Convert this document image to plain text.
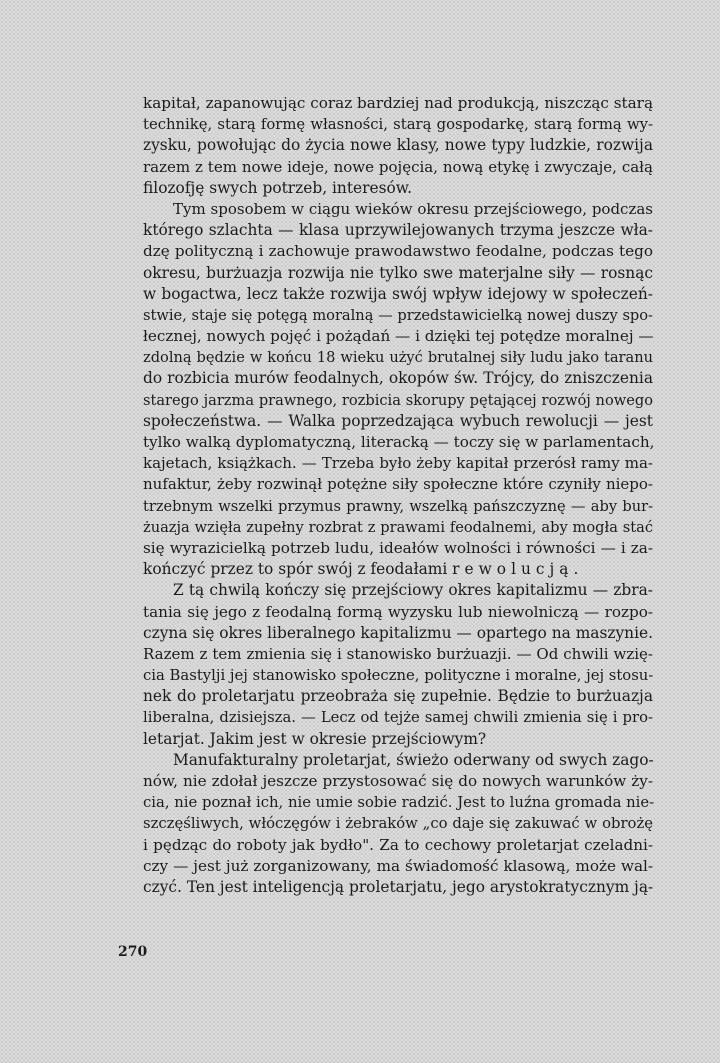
kapitał, zapanowując coraz bardziej nad produkcją, niszcząc starą
technikę, starą formę własności, starą gospodarkę, starą formą wy-
zysku, powołując do życia nowe klasy, nowe typy ludzkie, rozwija
razem z tem nowe ideje, nowe pojęcia, nową etykę i zwyczaje, całą
filozofję swych potrzeb, interesów.
Tym sposobem w ciągu wieków okresu przejściowego, podczas
którego szlachta — klasa uprzywilejowanych trzyma jeszcze wła-
dzę polityczną i zachowuje prawodawstwo feodalne, podczas tego
okresu, burżuazja rozwija nie tylko swe materjalne siły — rosnąc
w bogactwa, lecz także rozwija swój wpływ idejowy w społeczeń-
stwie, staje się potęgą moralną — przedstawicielką nowej duszy spo-
łecznej, nowych pojęć i pożądań — i dzięki tej potędze moralnej —
zdolną będzie w końcu 18 wieku użyć brutalnej siły ludu jako taranu
do rozbicia murów feodalnych, okopów św. Trójcy, do zniszczenia
starego jarzma prawnego, rozbicia skorupy pętającej rozwój nowego
społeczeństwa. — Walka poprzedzająca wybuch rewolucji — jest
tylko walką dyplomatyczną, literacką — toczy się w parlamentach,
kajetach, książkach. — Trzeba było żeby kapitał przerósł ramy ma-
nufaktur, żeby rozwinął potężne siły społeczne które czyniły niepo-
trzebnym wszelki przymus prawny, wszelką pańszczyznę — aby bur-
żuazja wzięła zupełny rozbrat z prawami feodalnemi, aby mogła stać
się wyrazicielką potrzeb ludu, ideałów wolności i równości — i za-
kończyć przez to spór swój z feodałami rewolucją.
Z tą chwilą kończy się przejściowy okres kapitalizmu — zbra-
tania się jego z feodalną formą wyzysku lub niewolniczą — rozpo-
czyna się okres liberalnego kapitalizmu — opartego na maszynie.
Razem z tem zmienia się i stanowisko burżuazji. — Od chwili wzię-
cia Bastylji jej stanowisko społeczne, polityczne i moralne, jej stosu-
nek do proletarjatu przeobraża się zupełnie. Będzie to burżuazja
liberalna, dzisiejsza. — Lecz od tejże samej chwili zmienia się i pro-
letarjat. Jakim jest w okresie przejściowym?
Manufakturalny proletarjat, świeżo oderwany od swych zago-
nów, nie zdołał jeszcze przystosować się do nowych warunków ży-
cia, nie poznał ich, nie umie sobie radzić. Jest to luźna gromada nie-
szczęśliwych, włóczęgów i żebraków „co daje się zakuwać w obrożę
i pędząc do roboty jak bydło". Za to cechowy proletarjat czeladni-
czy — jest już zorganizowany, ma świadomość klasową, może wal-
czyć. Ten jest inteligencją proletarjatu, jego arystokratycznym ją-
270
